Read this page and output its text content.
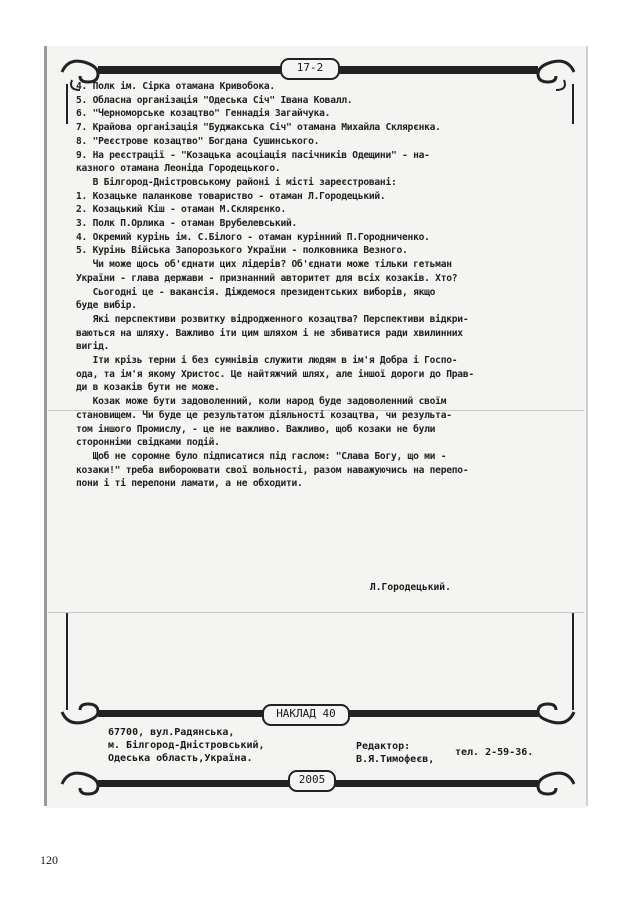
17-2

4. Полк ім. Сірка отамана Кривобока.

5. Обласна організація "Одеська Січ" Івана Ковалл.

6. "Черноморське козацтво" Геннадія Загайчука.

7. Крайова організація "Буджакська Січ" отамана Михайла Склярєнка.

8. "Реєстрове козацтво" Богдана Сушинського.

9. На реєстрації - "Козацька асоціація пасічників Одещини" - на-

казного отамана Леоніда Городецького.

В Білгород-Дністровському районі і місті зареєстровані:

1. Козацьке паланкове товариство - отаман Л.Городецький.

2. Козацький Кіш - отаман М.Склярєнко.

3. Полк П.Орлика - отаман Врубелевський.

4. Окремий курінь ім. С.Білого - отаман курінний П.Городниченко.

5. Курінь Війська Запорозького України - полковника Везного.

Чи може щось об'єднати цих лідерів? Об'єднати може тільки гетьман

України - глава держави - признанний авторитет для всіх козаків. Хто?

Сьогодні це - вакансія. Діждемося президентських виборів, якщо

буде вибір.

Які перспективи розвитку відродженного козацтва? Перспективи відкри-

ваються на шляху. Важливо іти цим шляхом і не збиватися ради хвилинних

вигід.

Іти крізь терни і без сумнівів служити людям в ім'я Добра і Госпо-

ода, та ім'я якому Христос. Це найтяжчий шлях, але іншої дороги до Прав-

ди в козаків бути не може.

Козак може бути задоволенний, коли народ буде задоволенний своїм

становищем. Чи буде це результатом діяльності козацтва, чи результа-

том іншого Промислу, - це не важливо. Важливо, щоб козаки не були

сторонніми свідками подій.

Щоб не соромне було підписатися під гаслом: "Слава Богу, що ми -

козаки!" треба вибороювати свої вольності, разом наважуючись на перепо-

пони і ті перепони ламати, а не обходити.

Л.Городецький.
НАКЛАД 40
67700, вул.Радянська,
м. Білгород-Дністровський,
Одеська область,Україна.
Редактор:
В.Я.Тимофеєв,
тел. 2-59-36.
2005
120
